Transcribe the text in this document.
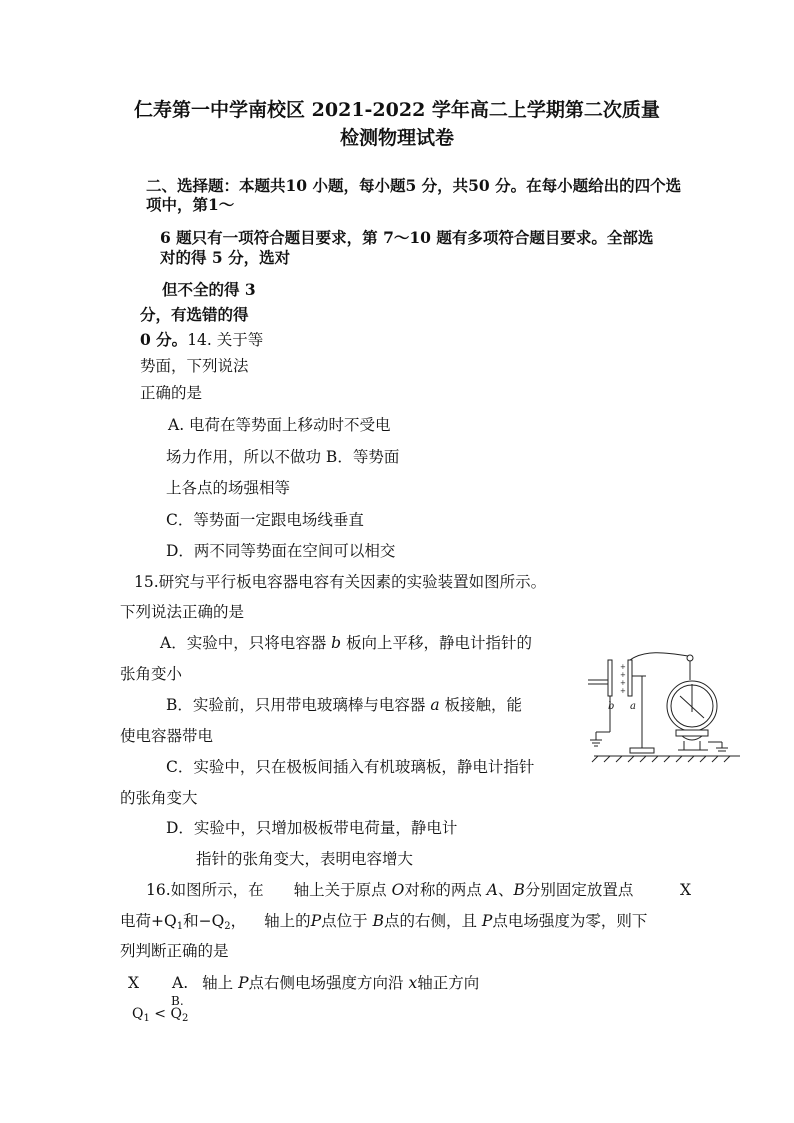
仁寿第一中学南校区 2021-2022 学年高二上学期第二次质量
检测物理试卷
二、选择题：本题共10 小题，每小题5 分，共50 分。在每小题给出的四个选
项中，第1～
6 题只有一项符合题目要求，第 7～10 题有多项符合题目要求。全部选
对的得 5 分，选对
但不全的得 3
分，有选错的得
0 分。14. 关于等
势面，下列说法
正确的是
A. 电荷在等势面上移动时不受电
场力作用，所以不做功 B．等势面
上各点的场强相等
C．等势面一定跟电场线垂直
D．两不同等势面在空间可以相交
15.研究与平行板电容器电容有关因素的实验装置如图所示。
下列说法正确的是
A．实验中，只将电容器 b 板向上平移，静电计指针的
张角变小
B．实验前，只用带电玻璃棒与电容器 a 板接触，能
使电容器带电
C．实验中，只在极板间插入有机玻璃板，静电计指针
的张角变大
D．实验中，只增加极板带电荷量，静电计
指针的张角变大，表明电容增大
+
+
+
+
b a
16.如图所示，在 轴上关于原点 O对称的两点 A、B分别固定放置点	X
电荷$+Q_1$和$-Q_2$， 轴上的P点位于 B点的右侧，且 P点电场强度为零，则下
列判断正确的是
X A. 轴上 P点右侧电场强度方向沿 x轴正方向
B.
$Q_1 < Q_2$
